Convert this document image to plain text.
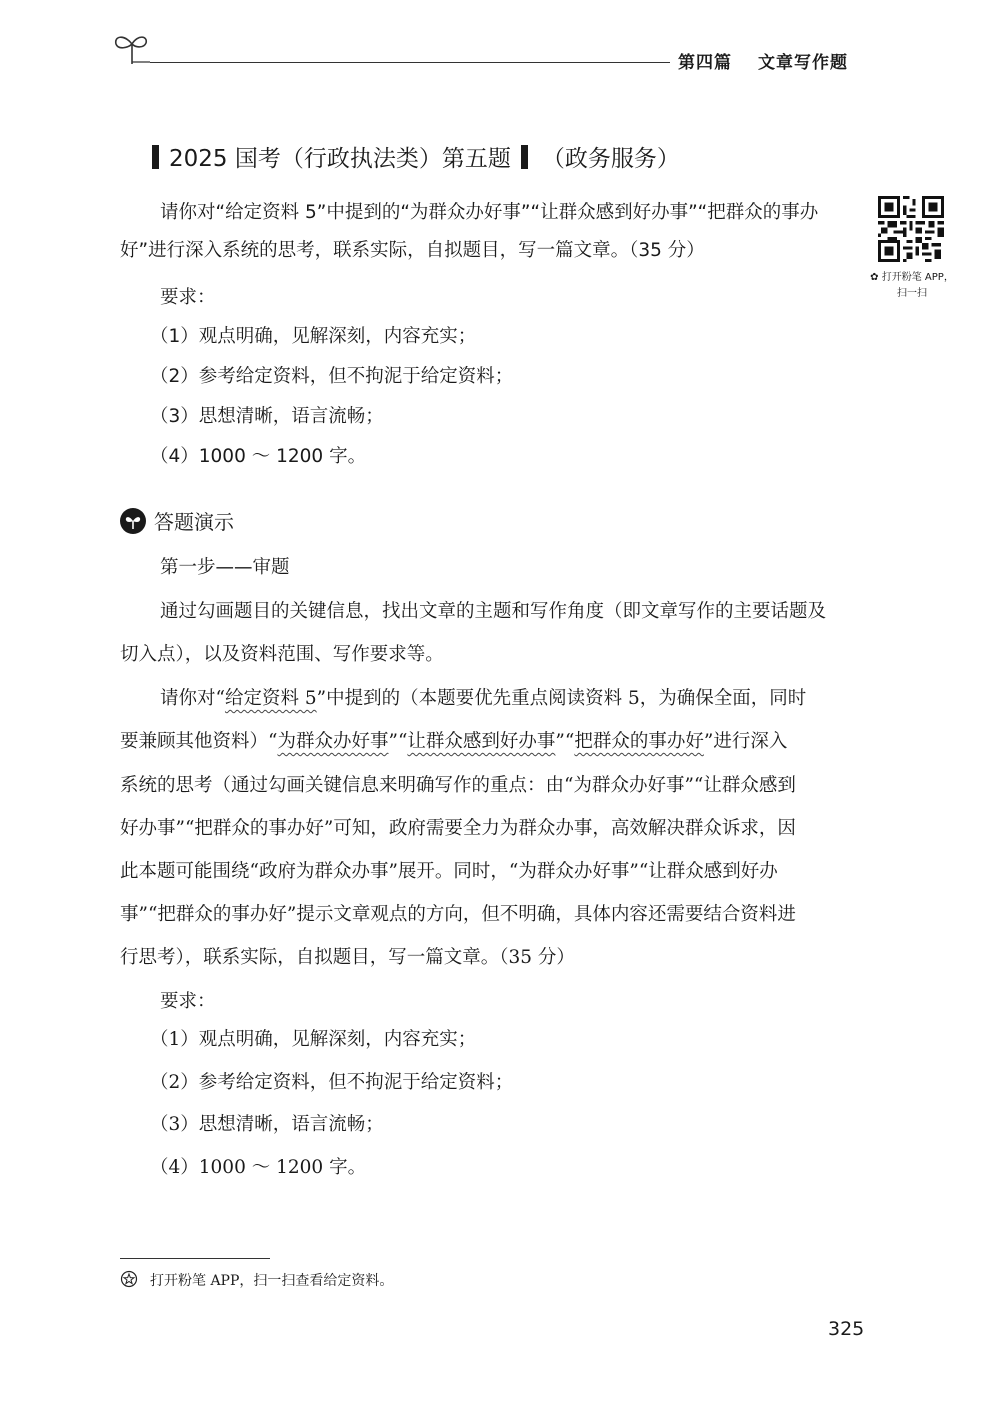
第四篇 文章写作题
2025 国考（行政执法类）第五题 （政务服务）
请你对“给定资料 5”中提到的“为群众办好事”“让群众感到好办事”“把群众的事办
好”进行深入系统的思考，联系实际，自拟题目，写一篇文章。（35 分）
要求：
（1）观点明确，见解深刻，内容充实；
（2）参考给定资料，但不拘泥于给定资料；
（3）思想清晰，语言流畅；
（4）1000 ～ 1200 字。
✿ 打开粉笔 APP，
扫一扫
答题演示
第一步——审题
通过勾画题目的关键信息，找出文章的主题和写作角度（即文章写作的主要话题及
切入点），以及资料范围、写作要求等。
请你对“给定资料 5”中提到的（本题要优先重点阅读资料 5，为确保全面，同时
要兼顾其他资料）“为群众办好事”“让群众感到好办事”“把群众的事办好”进行深入
系统的思考（通过勾画关键信息来明确写作的重点：由“为群众办好事”“让群众感到
好办事”“把群众的事办好”可知，政府需要全力为群众办事，高效解决群众诉求，因
此本题可能围绕“政府为群众办事”展开。同时，“为群众办好事”“让群众感到好办
事”“把群众的事办好”提示文章观点的方向，但不明确，具体内容还需要结合资料进
行思考），联系实际，自拟题目，写一篇文章。（35 分）
要求：
（1）观点明确，见解深刻，内容充实；
（2）参考给定资料，但不拘泥于给定资料；
（3）思想清晰，语言流畅；
（4）1000 ～ 1200 字。
打开粉笔 APP，扫一扫查看给定资料。
325
